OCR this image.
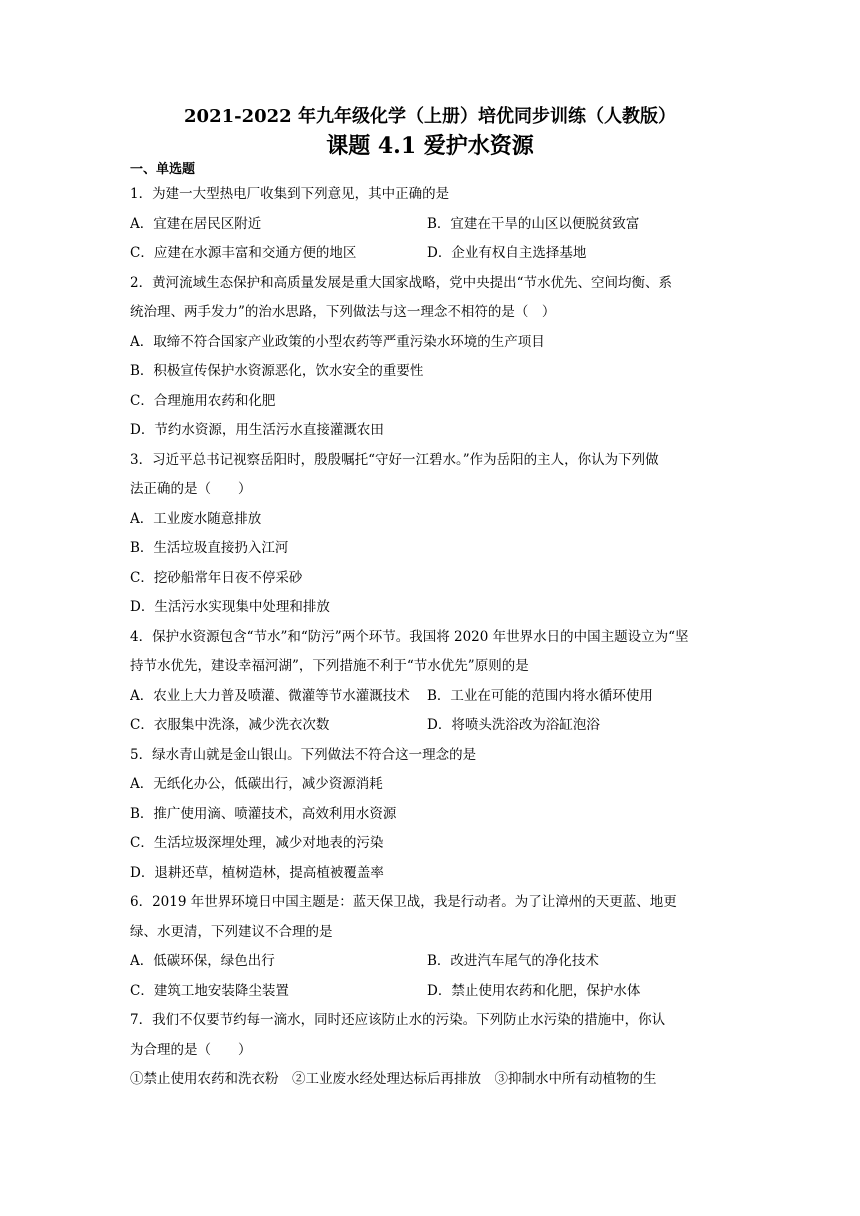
2021-2022 年九年级化学（上册）培优同步训练（人教版）
课题 4.1 爱护水资源
一、单选题
1．为建一大型热电厂收集到下列意见，其中正确的是
A．宜建在居民区附近	B．宜建在干旱的山区以便脱贫致富
C．应建在水源丰富和交通方便的地区	D．企业有权自主选择基地
2．黄河流域生态保护和高质量发展是重大国家战略，党中央提出“节水优先、空间均衡、系
统治理、两手发力”的治水思路，下列做法与这一理念不相符的是（　）
A．取缔不符合国家产业政策的小型农药等严重污染水环境的生产项目
B．积极宣传保护水资源恶化，饮水安全的重要性
C．合理施用农药和化肥
D．节约水资源，用生活污水直接灌溉农田
3．习近平总书记视察岳阳时，殷殷嘱托“守好一江碧水。”作为岳阳的主人，你认为下列做
法正确的是（　　）
A．工业废水随意排放
B．生活垃圾直接扔入江河
C．挖砂船常年日夜不停采砂
D．生活污水实现集中处理和排放
4．保护水资源包含“节水”和“防污”两个环节。我国将 2020 年世界水日的中国主题设立为“坚
持节水优先，建设幸福河湖”，下列措施不利于“节水优先”原则的是
A．农业上大力普及喷灌、微灌等节水灌溉技术	B．工业在可能的范围内将水循环使用
C．衣服集中洗涤，减少洗衣次数	D．将喷头洗浴改为浴缸泡浴
5．绿水青山就是金山银山。下列做法不符合这一理念的是
A．无纸化办公，低碳出行，减少资源消耗
B．推广使用滴、喷灌技术，高效利用水资源
C．生活垃圾深埋处理，减少对地表的污染
D．退耕还草，植树造林，提高植被覆盖率
6．2019 年世界环境日中国主题是：蓝天保卫战，我是行动者。为了让漳州的天更蓝、地更
绿、水更清，下列建议不合理的是
A．低碳环保，绿色出行	B．改进汽车尾气的净化技术
C．建筑工地安装降尘装置	D．禁止使用农药和化肥，保护水体
7．我们不仅要节约每一滴水，同时还应该防止水的污染。下列防止水污染的措施中，你认
为合理的是（　　）
①禁止使用农药和洗衣粉　②工业废水经处理达标后再排放　③抑制水中所有动植物的生
